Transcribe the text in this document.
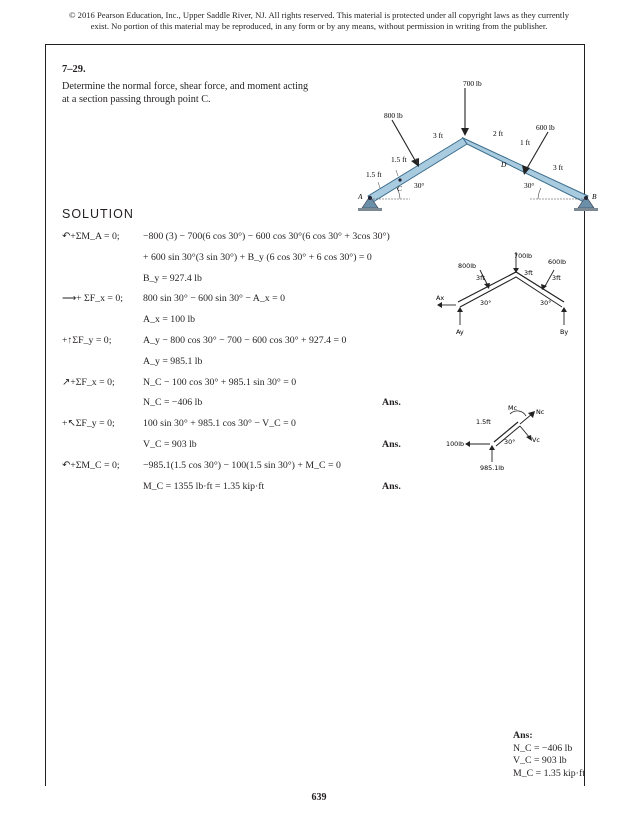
© 2016 Pearson Education, Inc., Upper Saddle River, NJ. All rights reserved. This material is protected under all copyright laws as they currently
exist. No portion of this material may be reproduced, in any form or by any means, without permission in writing from the publisher.
7–29.
Determine the normal force, shear force, and moment acting at a section passing through point C.
700 lb
800 lb
600 lb
3 ft	2 ft
1 ft
1.5 ft
1.5 ft
3 ft
A	B
C
D
30°	30°
SOLUTION
↶+ΣM_A = 0; −800 (3) − 700(6 cos 30°) − 600 cos 30°(6 cos 30° + 3cos 30°)
+ 600 sin 30°(3 sin 30°) + B_y (6 cos 30° + 6 cos 30°) = 0
B_y = 927.4 lb
⟶+ ΣF_x = 0; 800 sin 30° − 600 sin 30° − A_x = 0
A_x = 100 lb
+↑ΣF_y = 0;	A_y − 800 cos 30° − 700 − 600 cos 30° + 927.4 = 0
A_y = 985.1 lb
↗+ΣF_x = 0;	N_C − 100 cos 30° + 985.1 sin 30° = 0
N_C = −406 lb	Ans.
+↖ΣF_y = 0;	100 sin 30° + 985.1 cos 30° − V_C = 0
V_C = 903 lb	Ans.
↶+ΣM_C = 0; −985.1(1.5 cos 30°) − 100(1.5 sin 30°) + M_C = 0
M_C = 1355 lb·ft = 1.35 kip·ft	Ans.
700lb
800lb	600lb
3ft
3ft
3ft
30°	30°
Ax
Ay	By
Mc	Nc
Vc
1.5ft
30°
100lb
985.1lb
Ans:
N_C = −406 lb
V_C = 903 lb
M_C = 1.35 kip·ft
639
